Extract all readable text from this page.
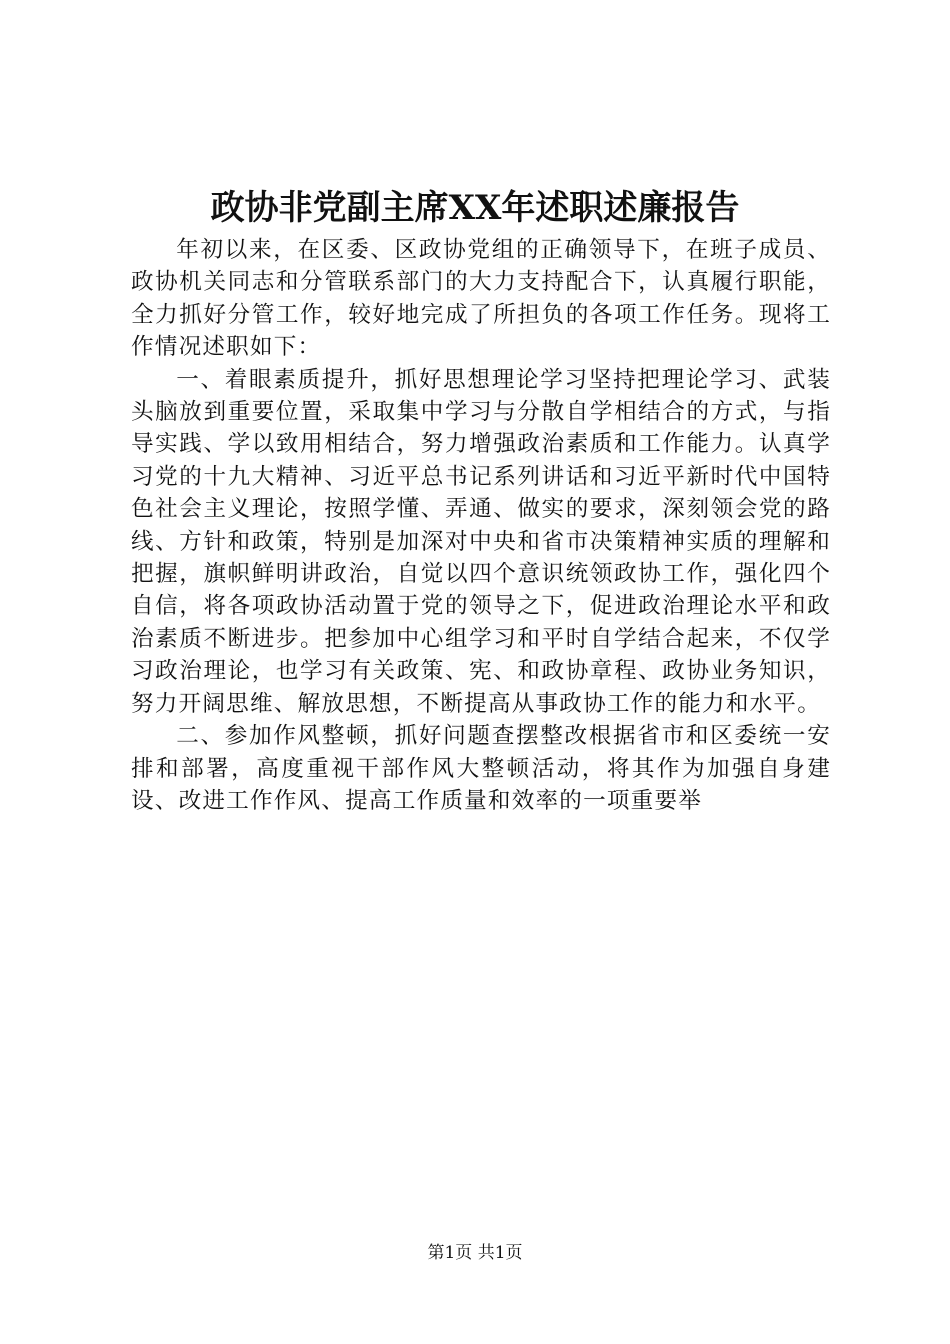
政协非党副主席XX年述职述廉报告

年初以来，在区委、区政协党组的正确领导下，在班子成员、政协机关同志和分管联系部门的大力支持配合下，认真履行职能，全力抓好分管工作，较好地完成了所担负的各项工作任务。现将工作情况述职如下：

一、着眼素质提升，抓好思想理论学习坚持把理论学习、武装头脑放到重要位置，采取集中学习与分散自学相结合的方式，与指导实践、学以致用相结合，努力增强政治素质和工作能力。认真学习党的十九大精神、习近平总书记系列讲话和习近平新时代中国特色社会主义理论，按照学懂、弄通、做实的要求，深刻领会党的路线、方针和政策，特别是加深对中央和省市决策精神实质的理解和把握，旗帜鲜明讲政治，自觉以四个意识统领政协工作，强化四个自信，将各项政协活动置于党的领导之下，促进政治理论水平和政治素质不断进步。把参加中心组学习和平时自学结合起来，不仅学习政治理论，也学习有关政策、宪、和政协章程、政协业务知识，努力开阔思维、解放思想，不断提高从事政协工作的能力和水平。

二、参加作风整顿，抓好问题查摆整改根据省市和区委统一安排和部署，高度重视干部作风大整顿活动，将其作为加强自身建设、改进工作作风、提高工作质量和效率的一项重要举

第1页 共1页
